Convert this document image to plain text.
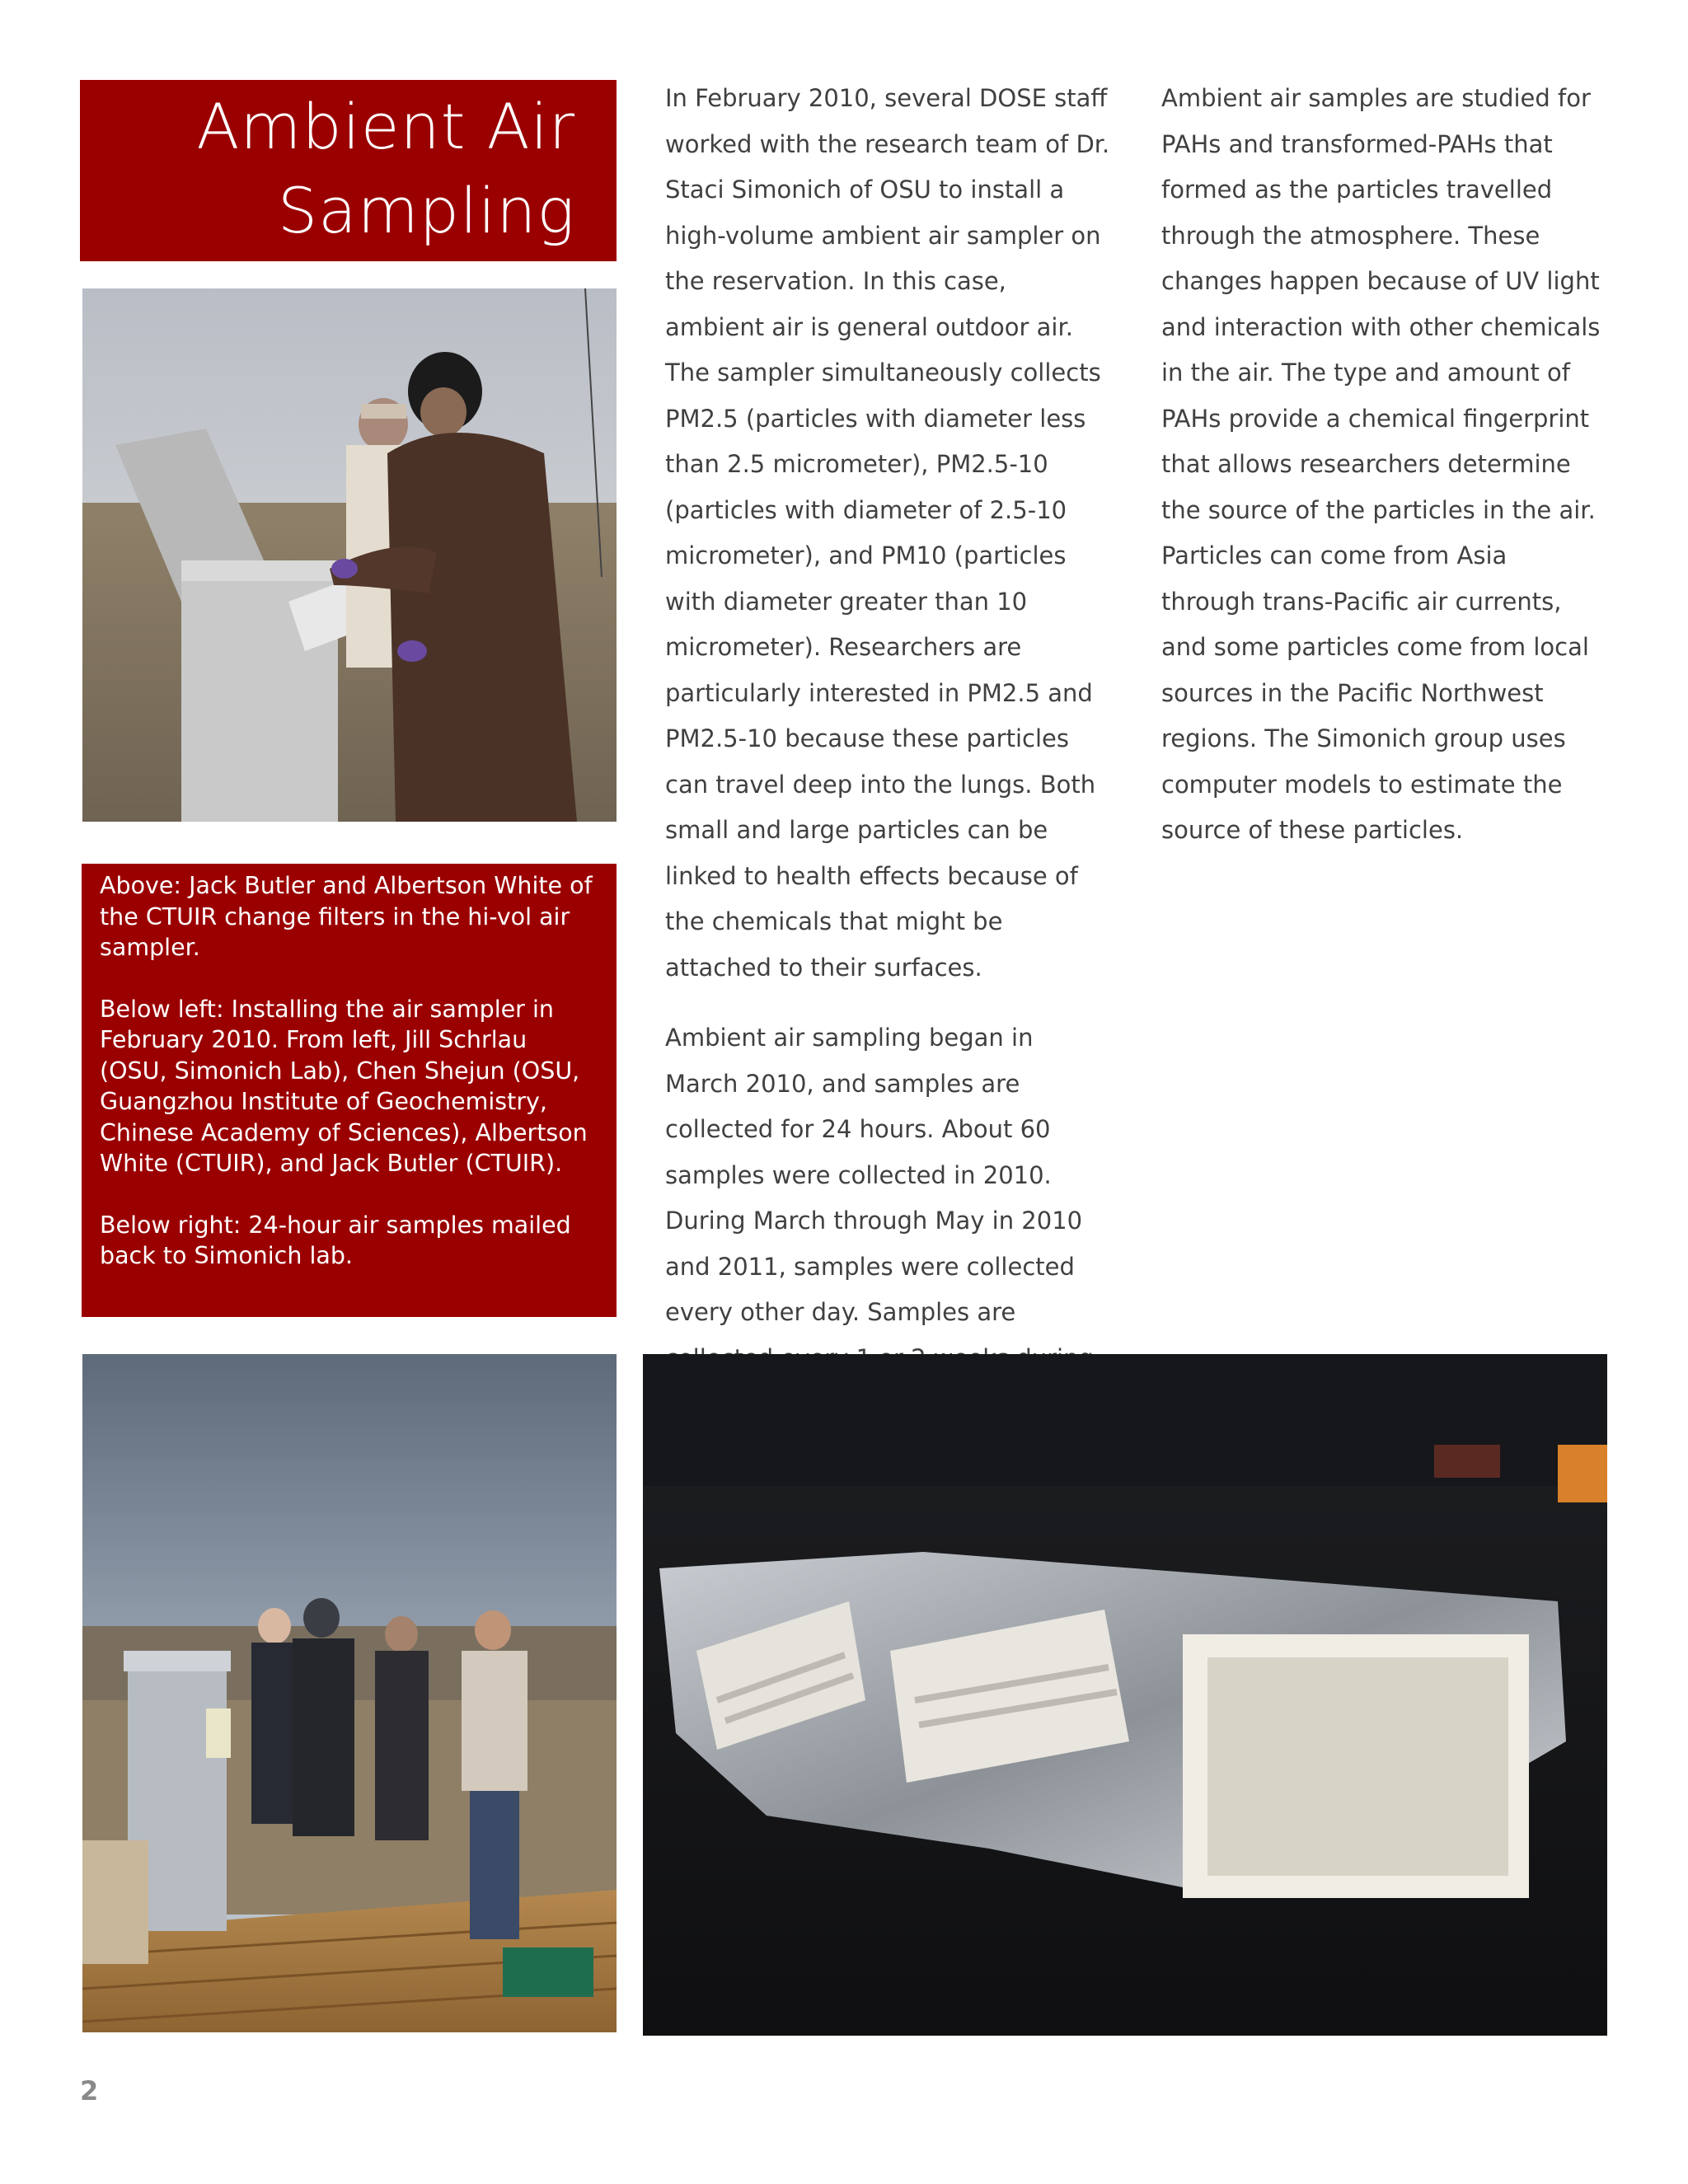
Ambient Air
Sampling

Above: Jack Butler and Albertson White of the CTUIR change filters in the hi-vol air sampler.

Below left: Installing the air sampler in February 2010. From left, Jill Schrlau (OSU, Simonich Lab), Chen Shejun (OSU, Guangzhou Institute of Geochemistry, Chinese Academy of Sciences), Albertson White (CTUIR), and Jack Butler (CTUIR).

Below right: 24-hour air samples mailed back to Simonich lab.

In February 2010, several DOSE staff worked with the research team of Dr. Staci Simonich of OSU to install a high-volume ambient air sampler on the reservation. In this case, ambient air is general outdoor air. The sampler simultaneously collects PM2.5 (particles with diameter less than 2.5 micrometer), PM2.5-10 (particles with diameter of 2.5-10 micrometer), and PM10 (particles with diameter greater than 10 micrometer). Researchers are particularly interested in PM2.5 and PM2.5-10 because these particles can travel deep into the lungs. Both small and large particles can be linked to health effects because of the chemicals that might be attached to their surfaces.

Ambient air sampling began in March 2010, and samples are collected for 24 hours. About 60 samples were collected in 2010. During March through May in 2010 and 2011, samples were collected every other day. Samples are

Ambient air samples are studied for PAHs and transformed-PAHs that formed as the particles travelled through the atmosphere. These changes happen because of UV light and interaction with other chemicals in the air. The type and amount of PAHs provide a chemical fingerprint that allows researchers determine the source of the particles in the air. Particles can come from Asia through trans-Pacific air currents, and some particles come from local sources in the Pacific Northwest regions. The Simonich group uses computer models to estimate the source of these particles.

2
